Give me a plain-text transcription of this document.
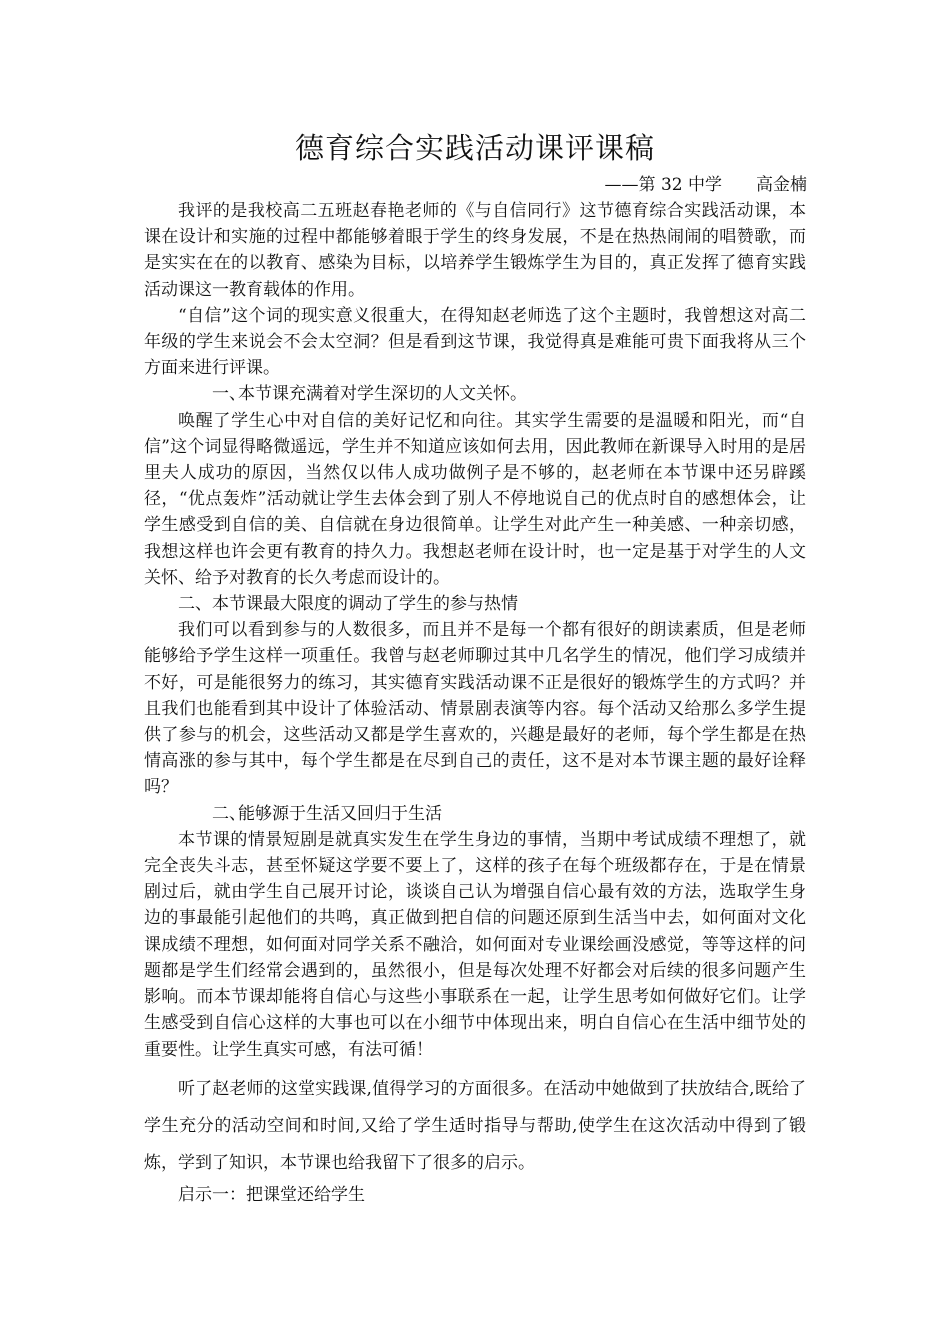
德育综合实践活动课评课稿
——第 32 中学　　高金楠

我评的是我校高二五班赵春艳老师的《与自信同行》这节德育综合实践活动课，本课在设计和实施的过程中都能够着眼于学生的终身发展，不是在热热闹闹的唱赞歌，而是实实在在的以教育、感染为目标，以培养学生锻炼学生为目的，真正发挥了德育实践活动课这一教育载体的作用。

“自信”这个词的现实意义很重大，在得知赵老师选了这个主题时，我曾想这对高二年级的学生来说会不会太空洞？但是看到这节课，我觉得真是难能可贵下面我将从三个方面来进行评课。

一、本节课充满着对学生深切的人文关怀。

唤醒了学生心中对自信的美好记忆和向往。其实学生需要的是温暖和阳光，而“自信”这个词显得略微遥远，学生并不知道应该如何去用，因此教师在新课导入时用的是居里夫人成功的原因，当然仅以伟人成功做例子是不够的，赵老师在本节课中还另辟蹊径，“优点轰炸”活动就让学生去体会到了别人不停地说自己的优点时自的感想体会，让学生感受到自信的美、自信就在身边很简单。让学生对此产生一种美感、一种亲切感，我想这样也许会更有教育的持久力。我想赵老师在设计时，也一定是基于对学生的人文关怀、给予对教育的长久考虑而设计的。

二、本节课最大限度的调动了学生的参与热情

我们可以看到参与的人数很多，而且并不是每一个都有很好的朗读素质，但是老师能够给予学生这样一项重任。我曾与赵老师聊过其中几名学生的情况，他们学习成绩并不好，可是能很努力的练习，其实德育实践活动课不正是很好的锻炼学生的方式吗？并且我们也能看到其中设计了体验活动、情景剧表演等内容。每个活动又给那么多学生提供了参与的机会，这些活动又都是学生喜欢的，兴趣是最好的老师，每个学生都是在热情高涨的参与其中，每个学生都是在尽到自己的责任，这不是对本节课主题的最好诠释吗？

二、能够源于生活又回归于生活

本节课的情景短剧是就真实发生在学生身边的事情，当期中考试成绩不理想了，就完全丧失斗志，甚至怀疑这学要不要上了，这样的孩子在每个班级都存在，于是在情景剧过后，就由学生自己展开讨论，谈谈自己认为增强自信心最有效的方法，选取学生身边的事最能引起他们的共鸣，真正做到把自信的问题还原到生活当中去，如何面对文化课成绩不理想，如何面对同学关系不融洽，如何面对专业课绘画没感觉，等等这样的问题都是学生们经常会遇到的，虽然很小，但是每次处理不好都会对后续的很多问题产生影响。而本节课却能将自信心与这些小事联系在一起，让学生思考如何做好它们。让学生感受到自信心这样的大事也可以在小细节中体现出来，明白自信心在生活中细节处的重要性。让学生真实可感，有法可循！

听了赵老师的这堂实践课,值得学习的方面很多。在活动中她做到了扶放结合,既给了学生充分的活动空间和时间,又给了学生适时指导与帮助,使学生在这次活动中得到了锻炼，学到了知识，本节课也给我留下了很多的启示。

启示一：把课堂还给学生
